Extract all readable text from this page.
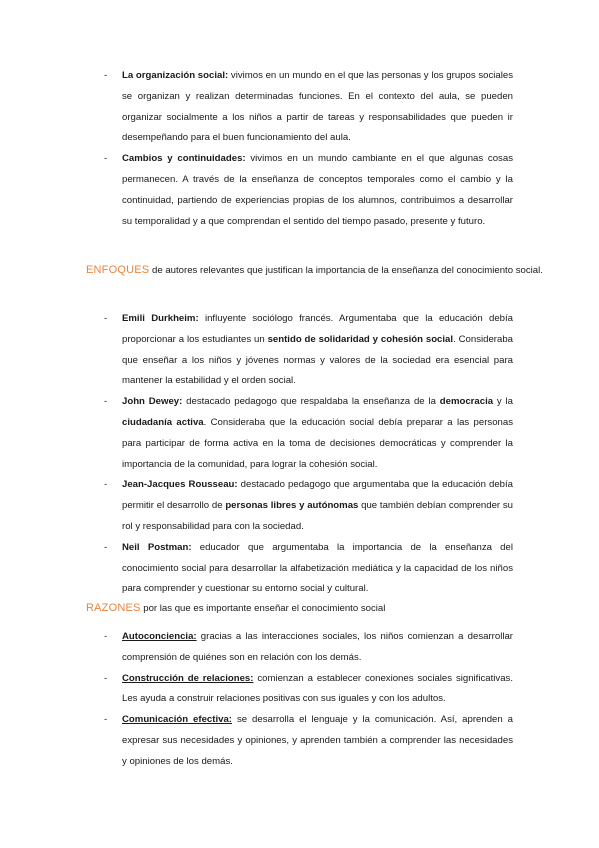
- La organización social: vivimos en un mundo en el que las personas y los grupos sociales se organizan y realizan determinadas funciones. En el contexto del aula, se pueden organizar socialmente a los niños a partir de tareas y responsabilidades que pueden ir desempeñando para el buen funcionamiento del aula.
- Cambios y continuidades: vivimos en un mundo cambiante en el que algunas cosas permanecen. A través de la enseñanza de conceptos temporales como el cambio y la continuidad, partiendo de experiencias propias de los alumnos, contribuimos a desarrollar su temporalidad y a que comprendan el sentido del tiempo pasado, presente y futuro.

ENFOQUES de autores relevantes que justifican la importancia de la enseñanza del conocimiento social.

- Emili Durkheim: influyente sociólogo francés. Argumentaba que la educación debía proporcionar a los estudiantes un sentido de solidaridad y cohesión social. Consideraba que enseñar a los niños y jóvenes normas y valores de la sociedad era esencial para mantener la estabilidad y el orden social.
- John Dewey: destacado pedagogo que respaldaba la enseñanza de la democracia y la ciudadanía activa. Consideraba que la educación social debía preparar a las personas para participar de forma activa en la toma de decisiones democráticas y comprender la importancia de la comunidad, para lograr la cohesión social.
- Jean-Jacques Rousseau: destacado pedagogo que argumentaba que la educación debía permitir el desarrollo de personas libres y autónomas que también debían comprender su rol y responsabilidad para con la sociedad.
- Neil Postman: educador que argumentaba la importancia de la enseñanza del conocimiento social para desarrollar la alfabetización mediática y la capacidad de los niños para comprender y cuestionar su entorno social y cultural.

RAZONES por las que es importante enseñar el conocimiento social

- Autoconciencia: gracias a las interacciones sociales, los niños comienzan a desarrollar comprensión de quiénes son en relación con los demás.
- Construcción de relaciones: comienzan a establecer conexiones sociales significativas. Les ayuda a construir relaciones positivas con sus iguales y con los adultos.
- Comunicación efectiva: se desarrolla el lenguaje y la comunicación. Así, aprenden a expresar sus necesidades y opiniones, y aprenden también a comprender las necesidades y opiniones de los demás.
